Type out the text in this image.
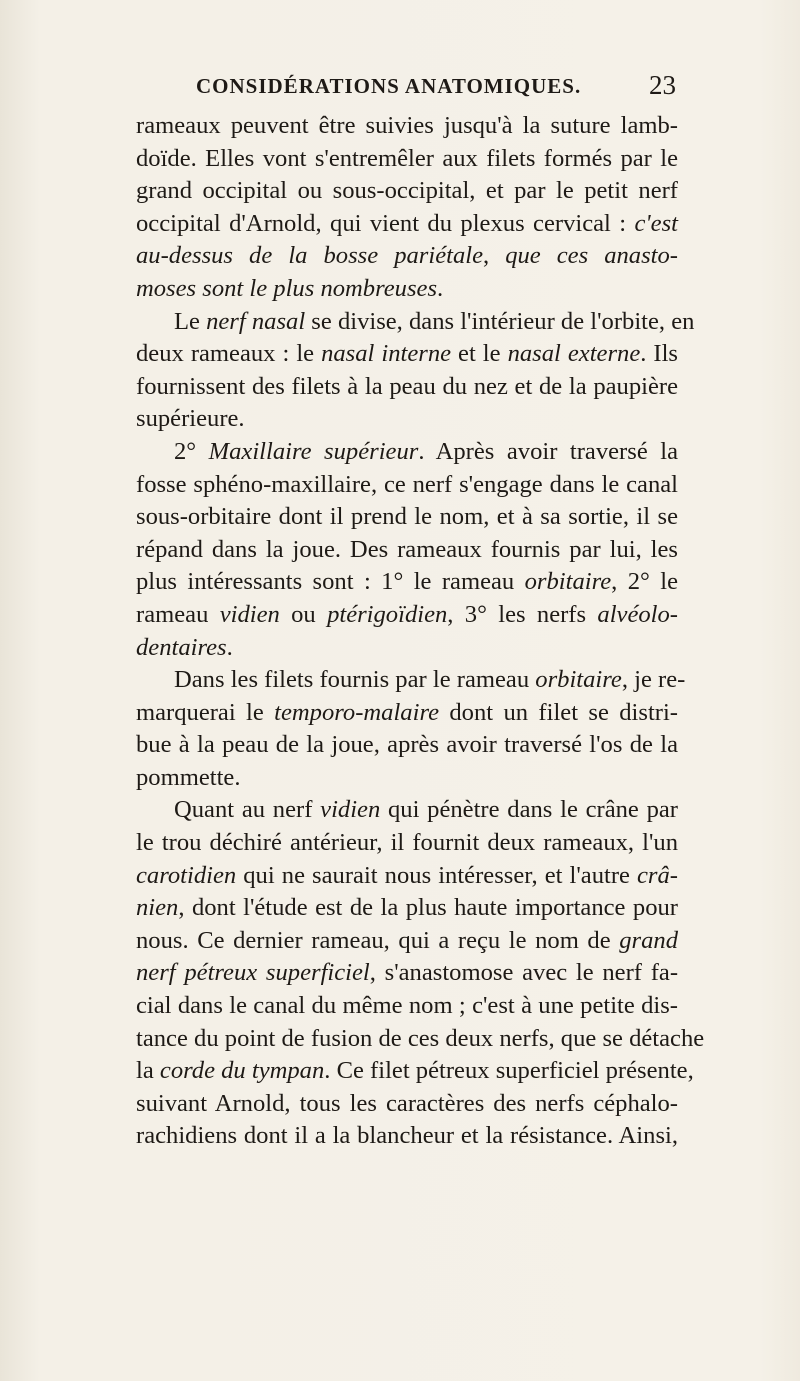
CONSIDÉRATIONS ANATOMIQUES.	23
rameaux peuvent être suivies jusqu'à la suture lamb-
doïde. Elles vont s'entremêler aux filets formés par le
grand occipital ou sous-occipital, et par le petit nerf
occipital d'Arnold, qui vient du plexus cervical : c'est
au-dessus de la bosse pariétale, que ces anasto-
moses sont le plus nombreuses.
Le nerf nasal se divise, dans l'intérieur de l'orbite, en
deux rameaux : le nasal interne et le nasal externe. Ils
fournissent des filets à la peau du nez et de la paupière
supérieure.
2° Maxillaire supérieur. Après avoir traversé la
fosse sphéno-maxillaire, ce nerf s'engage dans le canal
sous-orbitaire dont il prend le nom, et à sa sortie, il se
répand dans la joue. Des rameaux fournis par lui, les
plus intéressants sont : 1° le rameau orbitaire, 2° le
rameau vidien ou ptérigoïdien, 3° les nerfs alvéolo-
dentaires.
Dans les filets fournis par le rameau orbitaire, je re-
marquerai le temporo-malaire dont un filet se distri-
bue à la peau de la joue, après avoir traversé l'os de la
pommette.
Quant au nerf vidien qui pénètre dans le crâne par
le trou déchiré antérieur, il fournit deux rameaux, l'un
carotidien qui ne saurait nous intéresser, et l'autre crâ-
nien, dont l'étude est de la plus haute importance pour
nous. Ce dernier rameau, qui a reçu le nom de grand
nerf pétreux superficiel, s'anastomose avec le nerf fa-
cial dans le canal du même nom ; c'est à une petite dis-
tance du point de fusion de ces deux nerfs, que se détache
la corde du tympan. Ce filet pétreux superficiel présente,
suivant Arnold, tous les caractères des nerfs céphalo-
rachidiens dont il a la blancheur et la résistance. Ainsi,
